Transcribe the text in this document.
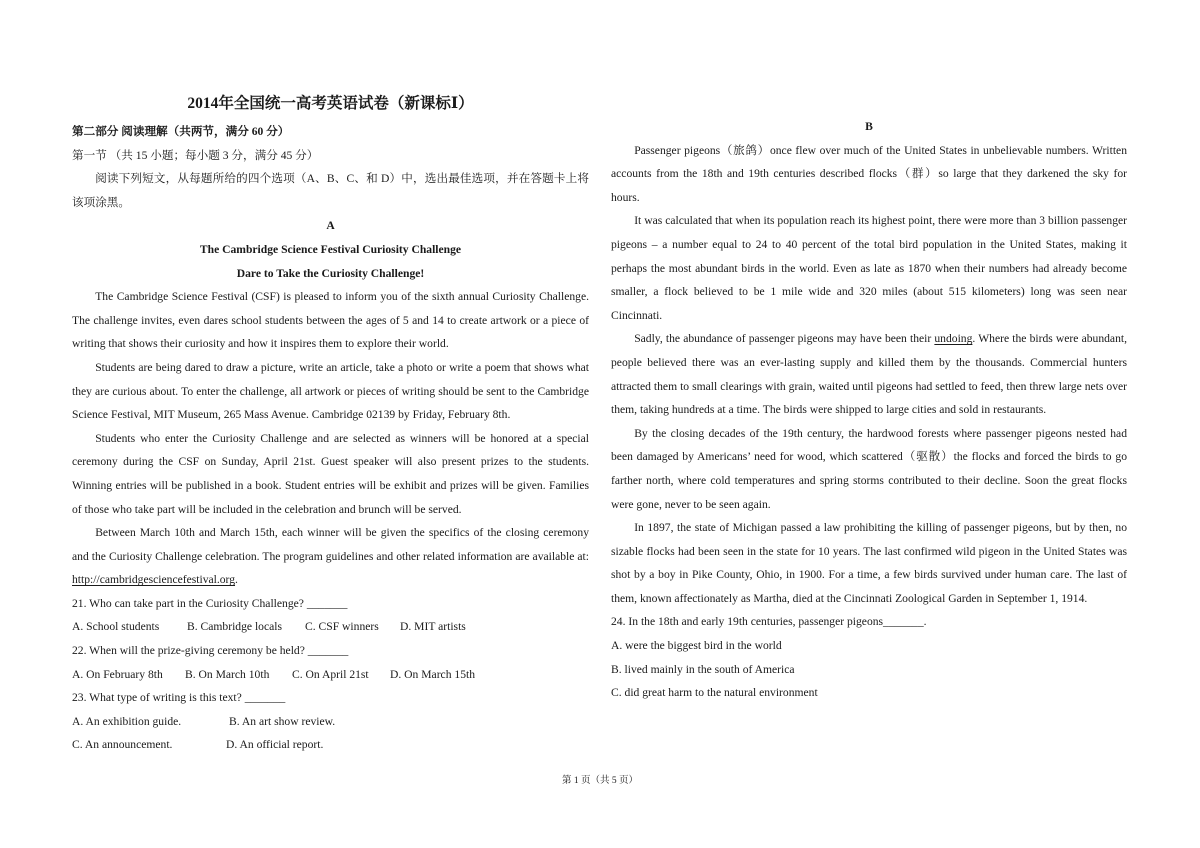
2014年全国统一高考英语试卷（新课标Ⅰ）

第二部分 阅读理解（共两节，满分 60 分）

第一节 （共 15 小题；每小题 3 分，满分 45 分）

阅读下列短文，从每题所给的四个选项（A、B、C、和 D）中，选出最佳选项，并在答题卡上将该项涂黑。

A

The Cambridge Science Festival Curiosity Challenge

Dare to Take the Curiosity Challenge!

The Cambridge Science Festival (CSF) is pleased to inform you of the sixth annual Curiosity Challenge. The challenge invites, even dares school students between the ages of 5 and 14 to create artwork or a piece of writing that shows their curiosity and how it inspires them to explore their world.

Students are being dared to draw a picture, write an article, take a photo or write a poem that shows what they are curious about. To enter the challenge, all artwork or pieces of writing should be sent to the Cambridge Science Festival, MIT Museum, 265 Mass Avenue. Cambridge 02139 by Friday, February 8th.

Students who enter the Curiosity Challenge and are selected as winners will be honored at a special ceremony during the CSF on Sunday, April 21st. Guest speaker will also present prizes to the students. Winning entries will be published in a book. Student entries will be exhibit and prizes will be given. Families of those who take part will be included in the celebration and brunch will be served.

Between March 10th and March 15th, each winner will be given the specifics of the closing ceremony and the Curiosity Challenge celebration. The program guidelines and other related information are available at: http://cambridgesciencefestival.org.

21. Who can take part in the Curiosity Challenge? _______

A. School students	B. Cambridge locals	C. CSF winners	D. MIT artists

22. When will the prize-giving ceremony be held? _______

A. On February 8th	B. On March 10th	C. On April 21st	D. On March 15th

23. What type of writing is this text? _______

A. An exhibition guide.	B. An art show review.
C. An announcement.	D. An official report.

B

Passenger pigeons（旅鸽）once flew over much of the United States in unbelievable numbers. Written accounts from the 18th and 19th centuries described flocks（群）so large that they darkened the sky for hours.

It was calculated that when its population reach its highest point, there were more than 3 billion passenger pigeons – a number equal to 24 to 40 percent of the total bird population in the United States, making it perhaps the most abundant birds in the world. Even as late as 1870 when their numbers had already become smaller, a flock believed to be 1 mile wide and 320 miles (about 515 kilometers) long was seen near Cincinnati.

Sadly, the abundance of passenger pigeons may have been their undoing. Where the birds were abundant, people believed there was an ever-lasting supply and killed them by the thousands. Commercial hunters attracted them to small clearings with grain, waited until pigeons had settled to feed, then threw large nets over them, taking hundreds at a time. The birds were shipped to large cities and sold in restaurants.

By the closing decades of the 19th century, the hardwood forests where passenger pigeons nested had been damaged by Americans’ need for wood, which scattered（驱散）the flocks and forced the birds to go farther north, where cold temperatures and spring storms contributed to their decline. Soon the great flocks were gone, never to be seen again.

In 1897, the state of Michigan passed a law prohibiting the killing of passenger pigeons, but by then, no sizable flocks had been seen in the state for 10 years. The last confirmed wild pigeon in the United States was shot by a boy in Pike County, Ohio, in 1900. For a time, a few birds survived under human care. The last of them, known affectionately as Martha, died at the Cincinnati Zoological Garden in September 1, 1914.

24. In the 18th and early 19th centuries, passenger pigeons_______.

A. were the biggest bird in the world

B. lived mainly in the south of America

C. did great harm to the natural environment

第 1 页（共 5 页）
